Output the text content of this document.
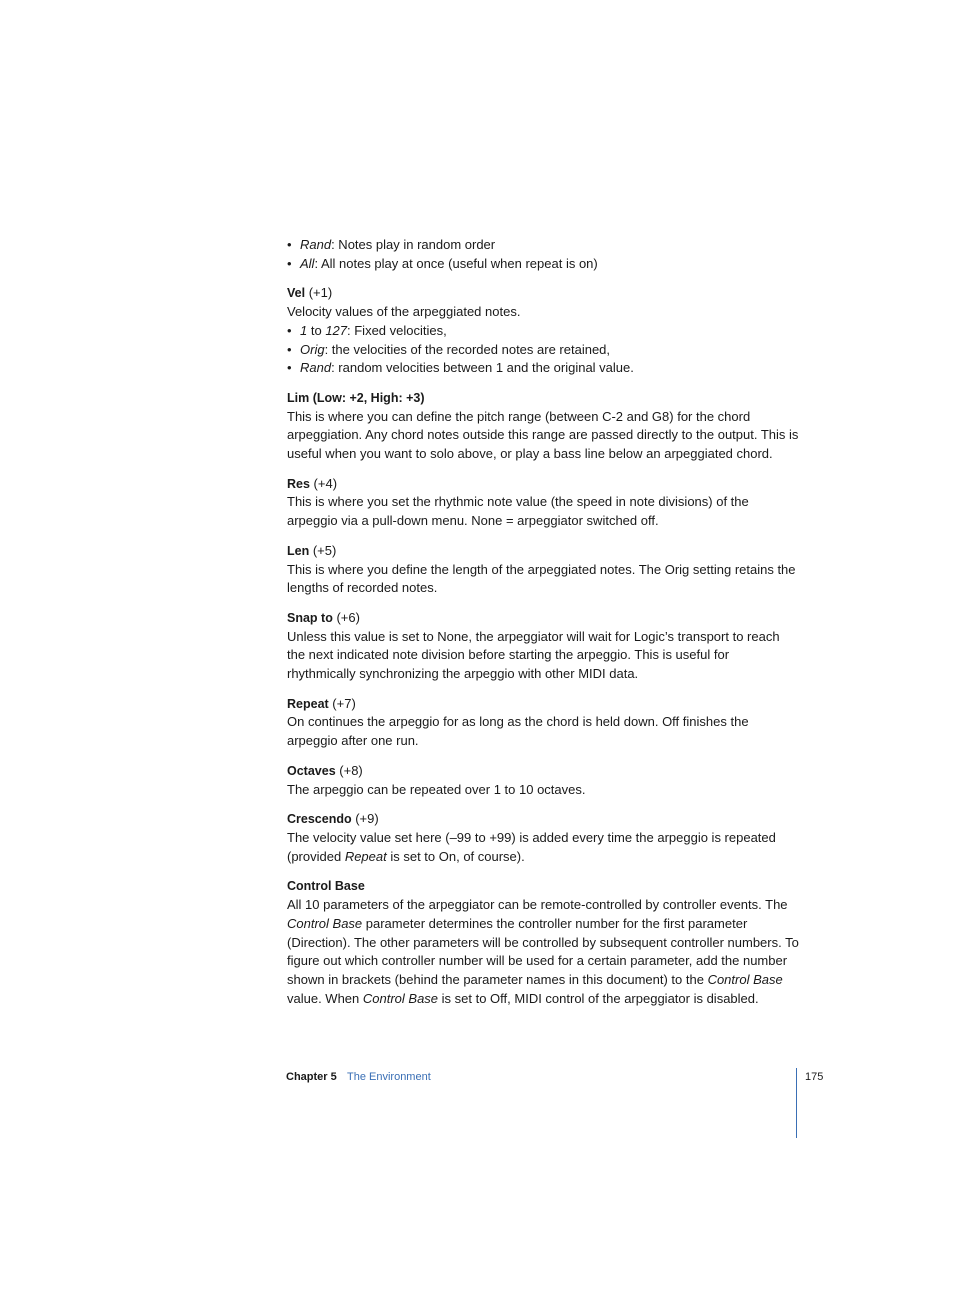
• Rand: Notes play in random order
• All: All notes play at once (useful when repeat is on)
Vel (+1)
Velocity values of the arpeggiated notes.
• 1 to 127: Fixed velocities,
• Orig: the velocities of the recorded notes are retained,
• Rand: random velocities between 1 and the original value.
Lim (Low: +2, High: +3)
This is where you can define the pitch range (between C-2 and G8) for the chord arpeggiation. Any chord notes outside this range are passed directly to the output. This is useful when you want to solo above, or play a bass line below an arpeggiated chord.
Res (+4)
This is where you set the rhythmic note value (the speed in note divisions) of the arpeggio via a pull-down menu. None = arpeggiator switched off.
Len (+5)
This is where you define the length of the arpeggiated notes. The Orig setting retains the lengths of recorded notes.
Snap to (+6)
Unless this value is set to None, the arpeggiator will wait for Logic’s transport to reach the next indicated note division before starting the arpeggio. This is useful for rhythmically synchronizing the arpeggio with other MIDI data.
Repeat (+7)
On continues the arpeggio for as long as the chord is held down. Off finishes the arpeggio after one run.
Octaves (+8)
The arpeggio can be repeated over 1 to 10 octaves.
Crescendo (+9)
The velocity value set here (–99 to +99) is added every time the arpeggio is repeated (provided Repeat is set to On, of course).
Control Base
All 10 parameters of the arpeggiator can be remote-controlled by controller events. The Control Base parameter determines the controller number for the first parameter (Direction). The other parameters will be controlled by subsequent controller numbers. To figure out which controller number will be used for a certain parameter, add the number shown in brackets (behind the parameter names in this document) to the Control Base value. When Control Base is set to Off, MIDI control of the arpeggiator is disabled.
Chapter 5 The Environment	175
